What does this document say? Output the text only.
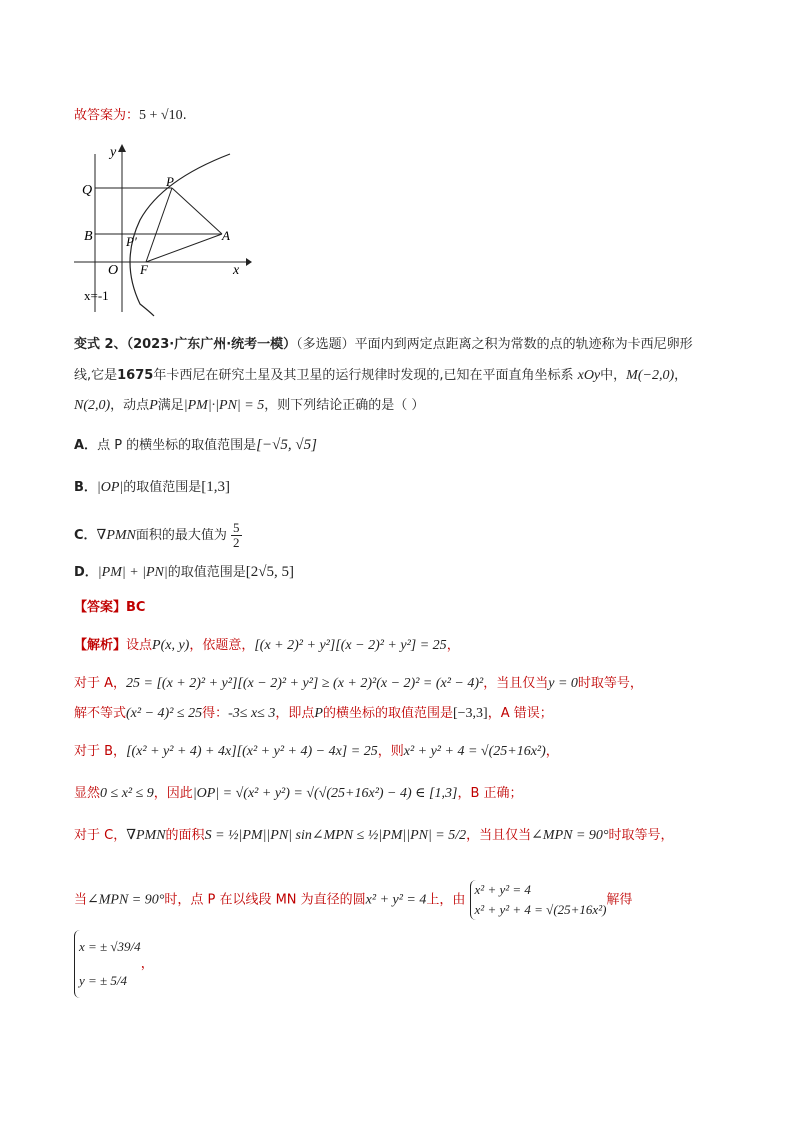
故答案为：5 + √10.
y
x
O
Q
P
B	P′	A
F
x=-1
变式 2、（2023·广东广州·统考一模）（多选题）平面内到两定点距离之积为常数的点的轨迹称为卡西尼卵形
线,它是1675年卡西尼在研究土星及其卫星的运行规律时发现的,已知在平面直角坐标系 xOy中，M(−2,0)，
N(2,0)，动点P满足|PM|·|PN| = 5，则下列结论正确的是（ ）
A．点 P 的横坐标的取值范围是[−√5, √5]
B．|OP|的取值范围是[1,3]
C．∇PMN面积的最大值为 $\frac{5}{2}$
D．|PM| + |PN|的取值范围是[2√5, 5]
【答案】BC
【解析】设点P(x, y)，依题意，[(x + 2)² + y²][(x − 2)² + y²] = 25，
对于 A，25 = [(x + 2)² + y²][(x − 2)² + y²] ≥ (x + 2)²(x − 2)² = (x² − 4)²，当且仅当y = 0时取等号，
解不等式(x² − 4)² ≤ 25得：-3≤ x≤ 3，即点P的横坐标的取值范围是[−3,3]，A 错误；
对于 B，[(x² + y² + 4) + 4x][(x² + y² + 4) − 4x] = 25，则x² + y² + 4 = √(25+16x²)，
显然0 ≤ x² ≤ 9，因此|OP| = √(x² + y²) = √(√(25+16x²) − 4) ∈ [1,3]，B 正确；
对于 C，∇PMN的面积S = ½|PM||PN| sin∠MPN ≤ ½|PM||PN| = 5/2，当且仅当∠MPN = 90°时取等号，
当∠MPN = 90°时，点 P 在以线段 MN 为直径的圆x² + y² = 4上，由
x² + y² = 4
x² + y² + 4 = √(25+16x²)
解得
x = ± √39/4
y = ± 5/4
，
